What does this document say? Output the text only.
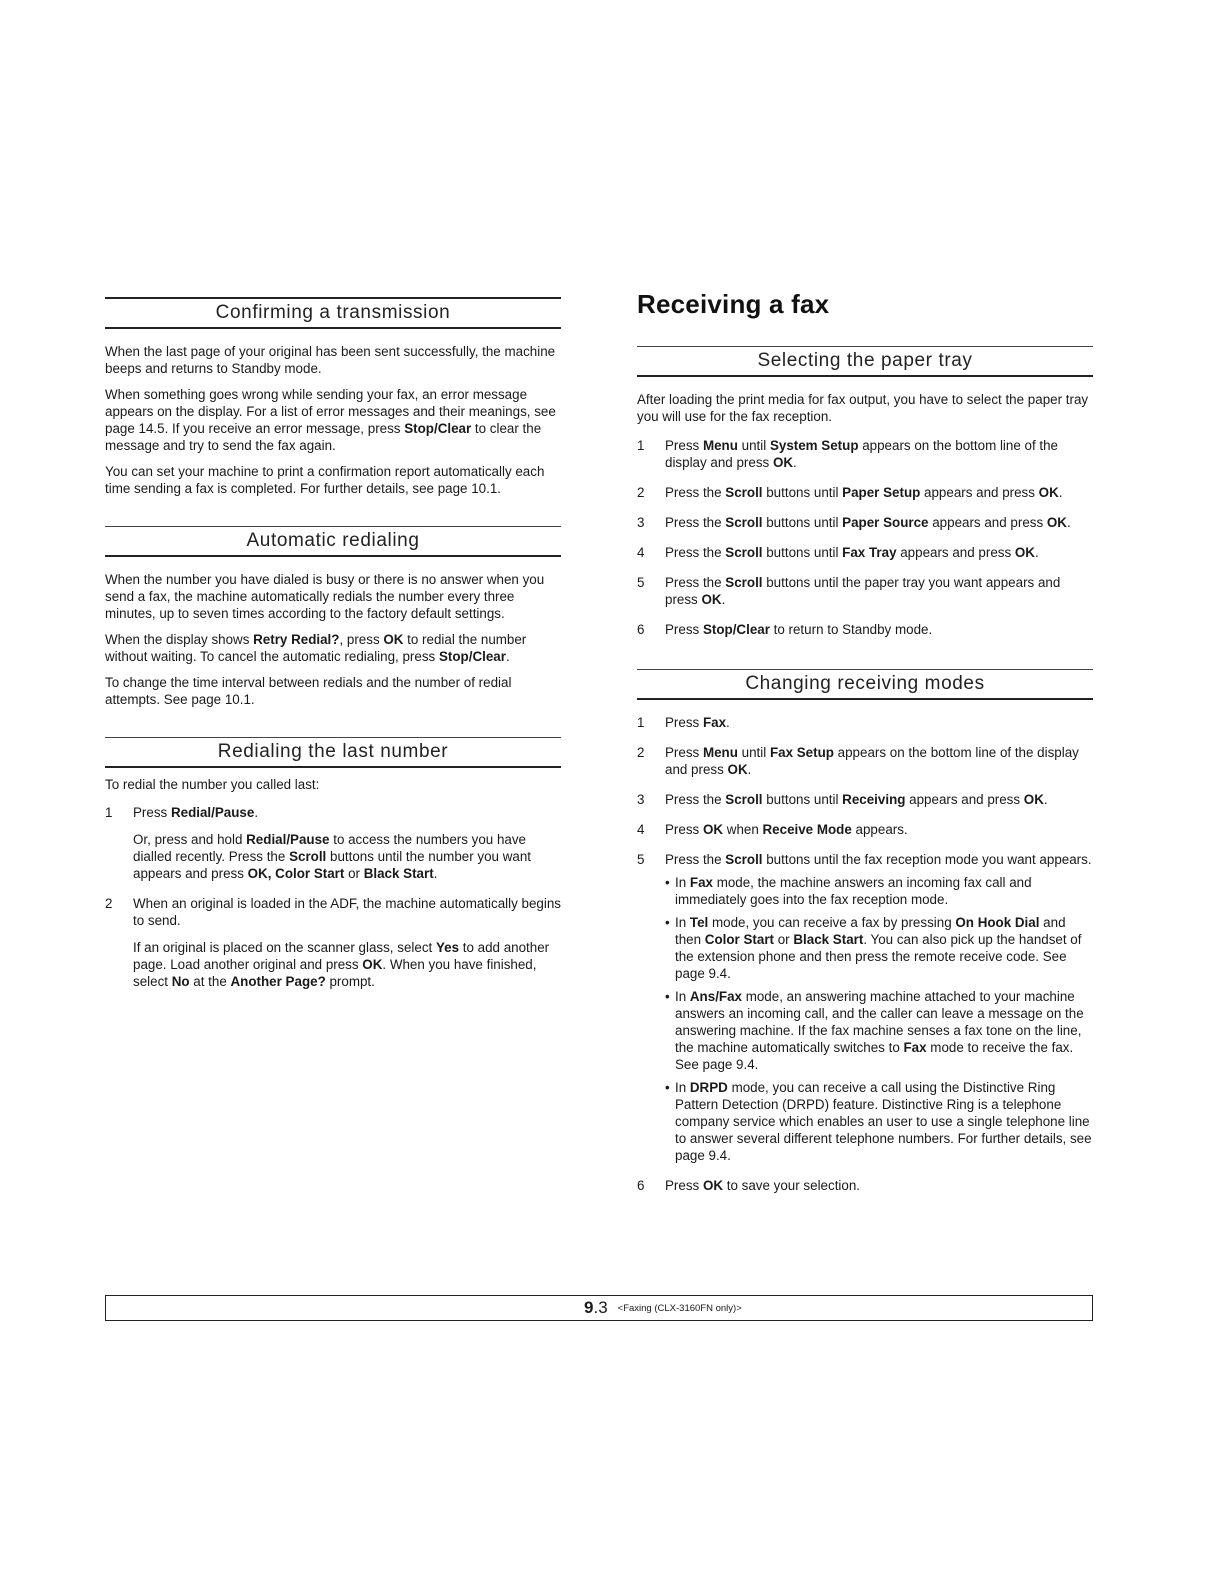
Confirming a transmission

When the last page of your original has been sent successfully, the machine beeps and returns to Standby mode.

When something goes wrong while sending your fax, an error message appears on the display. For a list of error messages and their meanings, see page 14.5. If you receive an error message, press Stop/Clear to clear the message and try to send the fax again.

You can set your machine to print a confirmation report automatically each time sending a fax is completed. For further details, see page 10.1.

Automatic redialing

When the number you have dialed is busy or there is no answer when you send a fax, the machine automatically redials the number every three minutes, up to seven times according to the factory default settings.

When the display shows Retry Redial?, press OK to redial the number without waiting. To cancel the automatic redialing, press Stop/Clear.

To change the time interval between redials and the number of redial attempts. See page 10.1.

Redialing the last number

To redial the number you called last:

1 Press Redial/Pause.
Or, press and hold Redial/Pause to access the numbers you have dialled recently. Press the Scroll buttons until the number you want appears and press OK, Color Start or Black Start.
2 When an original is loaded in the ADF, the machine automatically begins to send.
If an original is placed on the scanner glass, select Yes to add another page. Load another original and press OK. When you have finished, select No at the Another Page? prompt.
Receiving a fax
Selecting the paper tray

After loading the print media for fax output, you have to select the paper tray you will use for the fax reception.

1 Press Menu until System Setup appears on the bottom line of the display and press OK.
2 Press the Scroll buttons until Paper Setup appears and press OK.
3 Press the Scroll buttons until Paper Source appears and press OK.
4 Press the Scroll buttons until Fax Tray appears and press OK.
5 Press the Scroll buttons until the paper tray you want appears and press OK.
6 Press Stop/Clear to return to Standby mode.
Changing receiving modes
1 Press Fax.
2 Press Menu until Fax Setup appears on the bottom line of the display and press OK.
3 Press the Scroll buttons until Receiving appears and press OK.
4 Press OK when Receive Mode appears.
5 Press the Scroll buttons until the fax reception mode you want appears.
• In Fax mode, the machine answers an incoming fax call and immediately goes into the fax reception mode.
• In Tel mode, you can receive a fax by pressing On Hook Dial and then Color Start or Black Start. You can also pick up the handset of the extension phone and then press the remote receive code. See page 9.4.
• In Ans/Fax mode, an answering machine attached to your machine answers an incoming call, and the caller can leave a message on the answering machine. If the fax machine senses a fax tone on the line, the machine automatically switches to Fax mode to receive the fax. See page 9.4.
• In DRPD mode, you can receive a call using the Distinctive Ring Pattern Detection (DRPD) feature. Distinctive Ring is a telephone company service which enables an user to use a single telephone line to answer several different telephone numbers. For further details, see page 9.4.
6 Press OK to save your selection.
9.3 <Faxing (CLX-3160FN only)>
